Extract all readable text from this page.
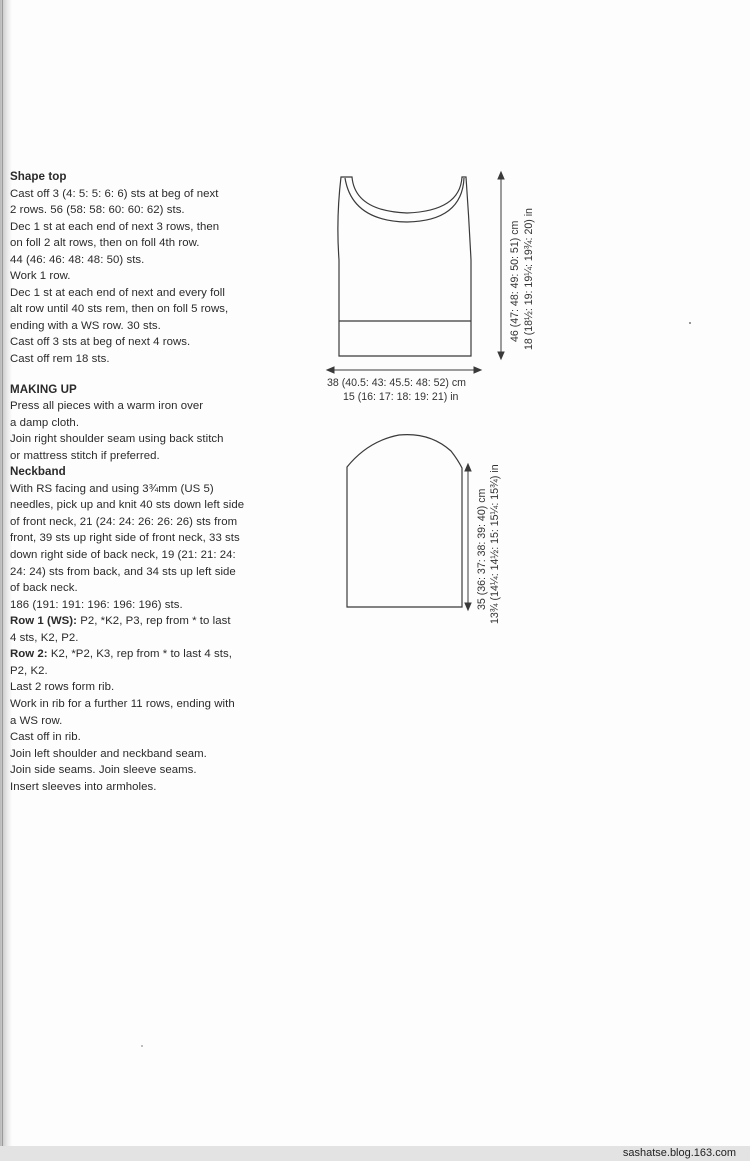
Shape top

Cast off 3 (4: 5: 5: 6: 6) sts at beg of next

2 rows. 56 (58: 58: 60: 60: 62) sts.

Dec 1 st at each end of next 3 rows, then

on foll 2 alt rows, then on foll 4th row.

44 (46: 46: 48: 48: 50) sts.

Work 1 row.

Dec 1 st at each end of next and every foll

alt row until 40 sts rem, then on foll 5 rows,

ending with a WS row. 30 sts.

Cast off 3 sts at beg of next 4 rows.

Cast off rem 18 sts.

MAKING UP

Press all pieces with a warm iron over

a damp cloth.

Join right shoulder seam using back stitch

or mattress stitch if preferred.

Neckband

With RS facing and using 3¾mm (US 5)

needles, pick up and knit 40 sts down left side

of front neck, 21 (24: 24: 26: 26: 26) sts from

front, 39 sts up right side of front neck, 33 sts

down right side of back neck, 19 (21: 21: 24:

24: 24) sts from back, and 34 sts up left side

of back neck.

186 (191: 191: 196: 196: 196) sts.

Row 1 (WS): P2, *K2, P3, rep from * to last

4 sts, K2, P2.

Row 2: K2, *P2, K3, rep from * to last 4 sts,

P2, K2.

Last 2 rows form rib.

Work in rib for a further 11 rows, ending with

a WS row.

Cast off in rib.

Join left shoulder and neckband seam.

Join side seams. Join sleeve seams.

Insert sleeves into armholes.

38 (40.5: 43: 45.5: 48: 52) cm
15 (16: 17: 18: 19: 21) in
46 (47: 48: 49: 50: 51) cm 18 (18½: 19: 19¼: 19¾: 20) in
35 (36: 37: 38: 39: 40) cm 13¾ (14¼: 14½: 15: 15¼: 15¾) in
sashatse.blog.163.com
